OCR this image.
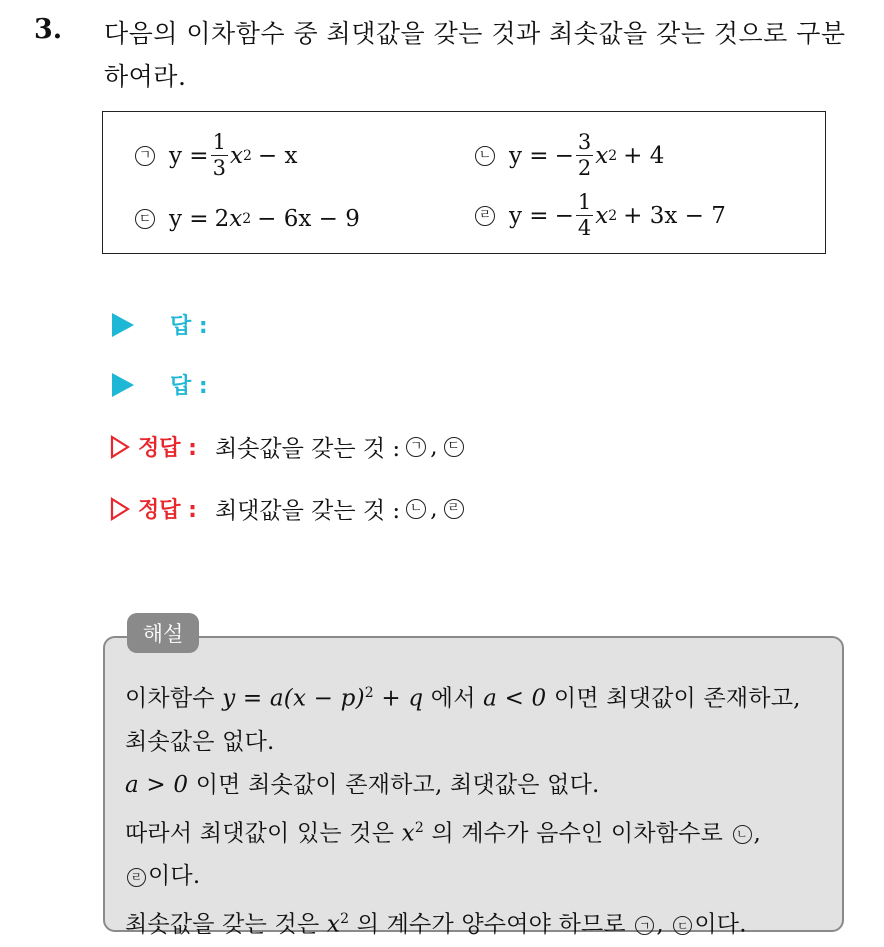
3. 다음의 이차함수 중 최댓값을 갖는 것과 최솟값을 갖는 것으로 구분하여라.
ㄱ $y = \frac{1}{3}$ x 2 − x	ㄴ y = − $\frac{3}{2}$ x 2 + 4
ㄷ y = 2 x 2 − 6x − 9	ㄹ y = − $\frac{1}{4}$ x 2 + 3x − 7
답 :
답 :
정답 : 최솟값을 갖는 것 : ㄱ , ㄷ
정답 : 최댓값을 갖는 것 : ㄴ , ㄹ
해설
이차함수 $y = a(x - p)^2 + q$ 에서 a < 0 이면 최댓값이 존재하고,
최솟값은 없다.
a > 0 이면 최솟값이 존재하고, 최댓값은 없다.
따라서 최댓값이 있는 것은 $x^2$ 의 계수가 음수인 이차함수로 ㄴ ,
ㄹ 이다.
최솟값을 갖는 것은 $x^2$ 의 계수가 양수여야 하므로 ㄱ , ㄷ 이다.
